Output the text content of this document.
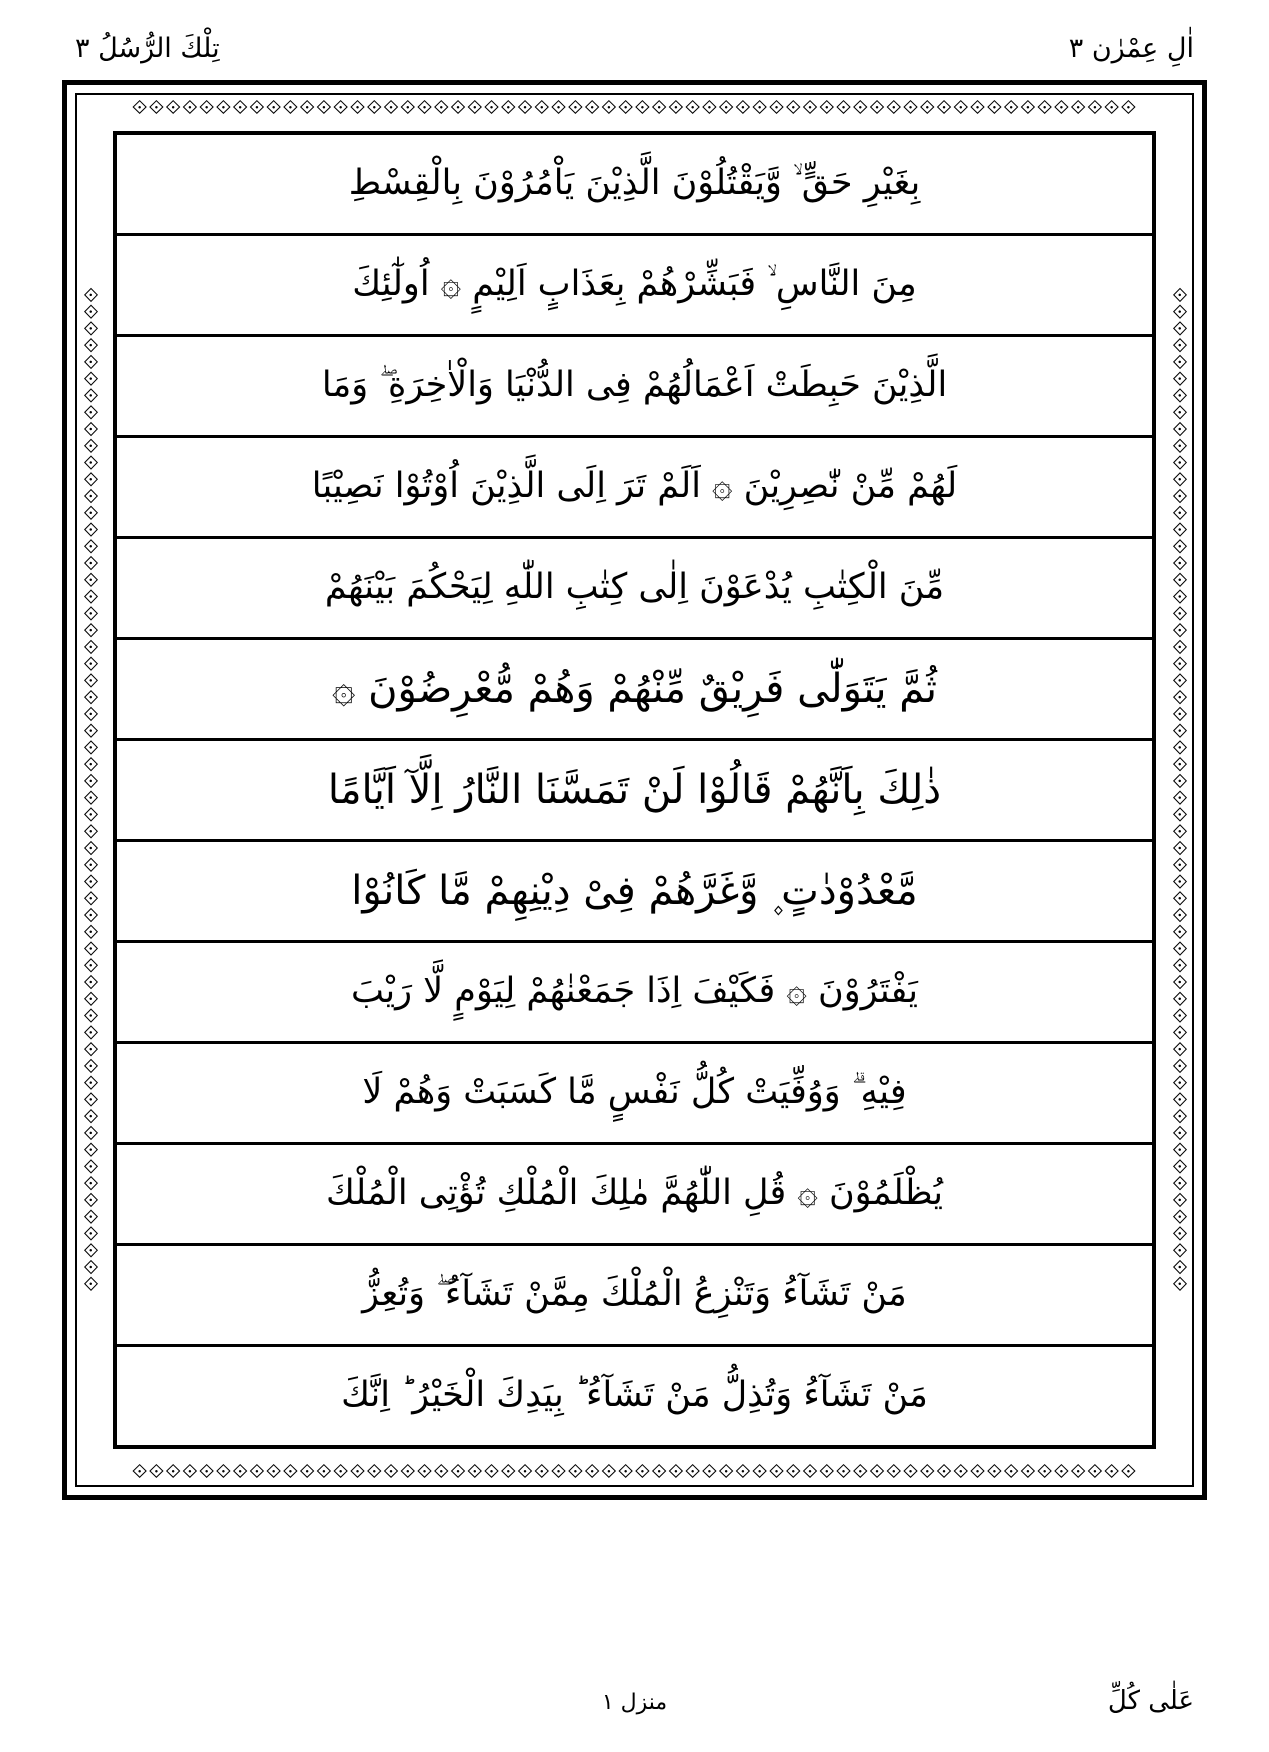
اٰلِ عِمْرٰن ٣
تِلْكَ الرُّسُلُ ٣
⟐⟐⟐⟐⟐⟐⟐⟐⟐⟐⟐⟐⟐⟐⟐⟐⟐⟐⟐⟐⟐⟐⟐⟐⟐⟐⟐⟐⟐⟐⟐⟐⟐⟐⟐⟐⟐⟐⟐⟐⟐⟐⟐⟐⟐⟐⟐⟐⟐⟐⟐⟐⟐⟐⟐⟐⟐⟐⟐⟐
⟐⟐⟐⟐⟐⟐⟐⟐⟐⟐⟐⟐⟐⟐⟐⟐⟐⟐⟐⟐⟐⟐⟐⟐⟐⟐⟐⟐⟐⟐⟐⟐⟐⟐⟐⟐⟐⟐⟐⟐⟐⟐⟐⟐⟐⟐⟐⟐⟐⟐⟐⟐⟐⟐⟐⟐⟐⟐⟐⟐
⟐⟐⟐⟐⟐⟐⟐⟐⟐⟐⟐⟐⟐⟐⟐⟐⟐⟐⟐⟐⟐⟐⟐⟐⟐⟐⟐⟐⟐⟐⟐⟐⟐⟐⟐⟐⟐⟐⟐⟐⟐⟐⟐⟐⟐⟐⟐⟐⟐⟐⟐⟐⟐⟐⟐⟐⟐⟐⟐⟐	⟐⟐⟐⟐⟐⟐⟐⟐⟐⟐⟐⟐⟐⟐⟐⟐⟐⟐⟐⟐⟐⟐⟐⟐⟐⟐⟐⟐⟐⟐⟐⟐⟐⟐⟐⟐⟐⟐⟐⟐⟐⟐⟐⟐⟐⟐⟐⟐⟐⟐⟐⟐⟐⟐⟐⟐⟐⟐⟐⟐
بِغَيْرِ حَقٍّ ۙ وَّيَقْتُلُوْنَ الَّذِيْنَ يَاْمُرُوْنَ بِالْقِسْطِ
مِنَ النَّاسِ ۙ فَبَشِّرْهُمْ بِعَذَابٍ اَلِيْمٍ ۞ اُولٰٓئِكَ
الَّذِيْنَ حَبِطَتْ اَعْمَالُهُمْ فِى الدُّنْيَا وَالْاٰخِرَةِ ۖ وَمَا
لَهُمْ مِّنْ نّٰصِرِيْنَ ۞ اَلَمْ تَرَ اِلَى الَّذِيْنَ اُوْتُوْا نَصِيْبًا
مِّنَ الْكِتٰبِ يُدْعَوْنَ اِلٰى كِتٰبِ اللّٰهِ لِيَحْكُمَ بَيْنَهُمْ
ثُمَّ يَتَوَلّٰى فَرِيْقٌ مِّنْهُمْ وَهُمْ مُّعْرِضُوْنَ ۞
ذٰلِكَ بِاَنَّهُمْ قَالُوْا لَنْ تَمَسَّنَا النَّارُ اِلَّآ اَيَّامًا
مَّعْدُوْدٰتٍ ۪ وَّغَرَّهُمْ فِىْ دِيْنِهِمْ مَّا كَانُوْا
يَفْتَرُوْنَ ۞ فَكَيْفَ اِذَا جَمَعْنٰهُمْ لِيَوْمٍ لَّا رَيْبَ
فِيْهِ ۗ وَوُفِّيَتْ كُلُّ نَفْسٍ مَّا كَسَبَتْ وَهُمْ لَا
يُظْلَمُوْنَ ۞ قُلِ اللّٰهُمَّ مٰلِكَ الْمُلْكِ تُؤْتِى الْمُلْكَ
مَنْ تَشَآءُ وَتَنْزِعُ الْمُلْكَ مِمَّنْ تَشَآءُ ۖ وَتُعِزُّ
مَنْ تَشَآءُ وَتُذِلُّ مَنْ تَشَآءُ ؕ بِيَدِكَ الْخَيْرُ ؕ اِنَّكَ
عَلٰى كُلِّ
منزل ١
